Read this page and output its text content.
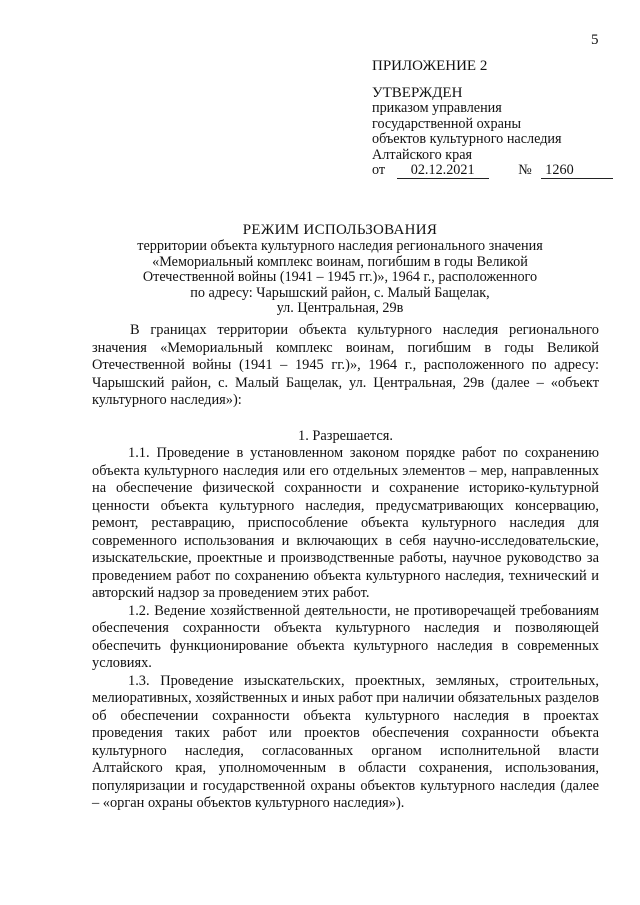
5
ПРИЛОЖЕНИЕ 2
УТВЕРЖДЕН
приказом управления
государственной охраны
объектов культурного наследия
Алтайского края
от 02.12.2021	№ 1260
РЕЖИМ ИСПОЛЬЗОВАНИЯ
территории объекта культурного наследия регионального значения
«Мемориальный комплекс воинам, погибшим в годы Великой
Отечественной войны (1941 – 1945 гг.)», 1964 г., расположенного
по адресу: Чарышский район, с. Малый Бащелак,
ул. Центральная, 29в

В границах территории объекта культурного наследия регионального значения «Мемориальный комплекс воинам, погибшим в годы Великой Отечественной войны (1941 – 1945 гг.)», 1964 г., расположенного по адресу: Чарышский район, с. Малый Бащелак, ул. Центральная, 29в (далее – «объект культурного наследия»):

1. Разрешается.

1.1. Проведение в установленном законом порядке работ по сохранению объекта культурного наследия или его отдельных элементов – мер, направленных на обеспечение физической сохранности и сохранение историко-культурной ценности объекта культурного наследия, предусматривающих консервацию, ремонт, реставрацию, приспособление объекта культурного наследия для современного использования и включающих в себя научно-исследовательские, изыскательские, проектные и производственные работы, научное руководство за проведением работ по сохранению объекта культурного наследия, технический и авторский надзор за проведением этих работ.

1.2. Ведение хозяйственной деятельности, не противоречащей требованиям обеспечения сохранности объекта культурного наследия и позволяющей обеспечить функционирование объекта культурного наследия в современных условиях.

1.3. Проведение изыскательских, проектных, земляных, строительных, мелиоративных, хозяйственных и иных работ при наличии обязательных разделов об обеспечении сохранности объекта культурного наследия в проектах проведения таких работ или проектов обеспечения сохранности объекта культурного наследия, согласованных органом исполнительной власти Алтайского края, уполномоченным в области сохранения, использования, популяризации и государственной охраны объектов культурного наследия (далее – «орган охраны объектов культурного наследия»).
